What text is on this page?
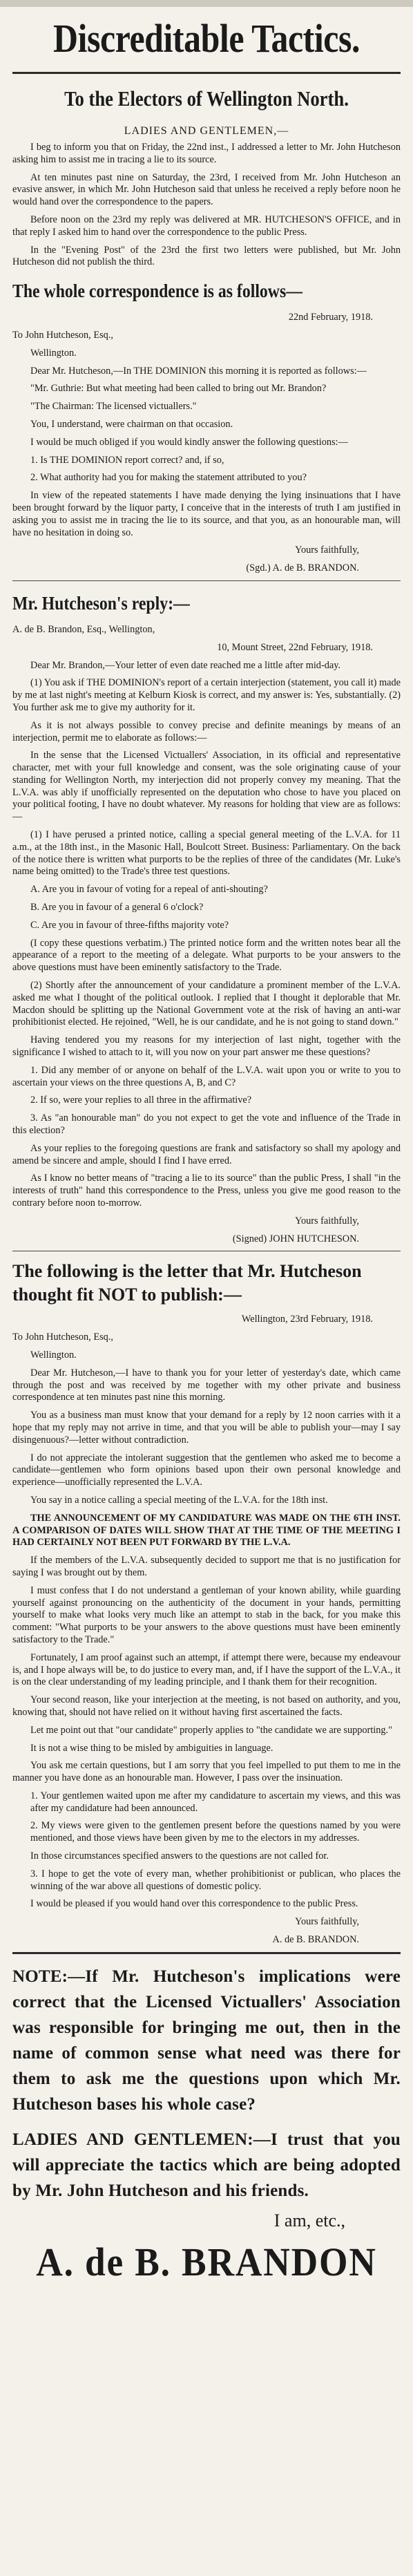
Discreditable Tactics.
To the Electors of Wellington North.
LADIES AND GENTLEMEN,—

I beg to inform you that on Friday, the 22nd inst., I addressed a letter to Mr. John Hutcheson asking him to assist me in tracing a lie to its source.

At ten minutes past nine on Saturday, the 23rd, I received from Mr. John Hutcheson an evasive answer, in which Mr. John Hutcheson said that unless he received a reply before noon he would hand over the correspondence to the papers.

Before noon on the 23rd my reply was delivered at MR. HUTCHESON'S OFFICE, and in that reply I asked him to hand over the correspondence to the public Press.

In the "Evening Post" of the 23rd the first two letters were published, but Mr. John Hutcheson did not publish the third.

The whole correspondence is as follows—

22nd February, 1918.

To John Hutcheson, Esq.,

Wellington.

Dear Mr. Hutcheson,—In THE DOMINION this morning it is reported as follows:—

"Mr. Guthrie: But what meeting had been called to bring out Mr. Brandon?

"The Chairman: The licensed victuallers."

You, I understand, were chairman on that occasion.

I would be much obliged if you would kindly answer the following questions:—

1. Is THE DOMINION report correct? and, if so,

2. What authority had you for making the statement attributed to you?

In view of the repeated statements I have made denying the lying insinuations that I have been brought forward by the liquor party, I conceive that in the interests of truth I am justified in asking you to assist me in tracing the lie to its source, and that you, as an honourable man, will have no hesitation in doing so.

Yours faithfully,

(Sgd.) A. de B. BRANDON.

Mr. Hutcheson's reply:—

A. de B. Brandon, Esq., Wellington,

10, Mount Street, 22nd February, 1918.

Dear Mr. Brandon,—Your letter of even date reached me a little after mid-day.

(1) You ask if THE DOMINION's report of a certain interjection (statement, you call it) made by me at last night's meeting at Kelburn Kiosk is correct, and my answer is: Yes, substantially. (2) You further ask me to give my authority for it.

As it is not always possible to convey precise and definite meanings by means of an interjection, permit me to elaborate as follows:—

In the sense that the Licensed Victuallers' Association, in its official and representative character, met with your full knowledge and consent, was the sole originating cause of your standing for Wellington North, my interjection did not properly convey my meaning. That the L.V.A. was ably if unofficially represented on the deputation who chose to have you placed on your political footing, I have no doubt whatever. My reasons for holding that view are as follows:—

(1) I have perused a printed notice, calling a special general meeting of the L.V.A. for 11 a.m., at the 18th inst., in the Masonic Hall, Boulcott Street. Business: Parliamentary. On the back of the notice there is written what purports to be the replies of three of the candidates (Mr. Luke's name being omitted) to the Trade's three test questions.

A. Are you in favour of voting for a repeal of anti-shouting?

B. Are you in favour of a general 6 o'clock?

C. Are you in favour of three-fifths majority vote?

(I copy these questions verbatim.) The printed notice form and the written notes bear all the appearance of a report to the meeting of a delegate. What purports to be your answers to the above questions must have been eminently satisfactory to the Trade.

(2) Shortly after the announcement of your candidature a prominent member of the L.V.A. asked me what I thought of the political outlook. I replied that I thought it deplorable that Mr. Macdon should be splitting up the National Government vote at the risk of having an anti-war prohibitionist elected. He rejoined, "Well, he is our candidate, and he is not going to stand down."

Having tendered you my reasons for my interjection of last night, together with the significance I wished to attach to it, will you now on your part answer me these questions?

1. Did any member of or anyone on behalf of the L.V.A. wait upon you or write to you to ascertain your views on the three questions A, B, and C?

2. If so, were your replies to all three in the affirmative?

3. As "an honourable man" do you not expect to get the vote and influence of the Trade in this election?

As your replies to the foregoing questions are frank and satisfactory so shall my apology and amend be sincere and ample, should I find I have erred.

As I know no better means of "tracing a lie to its source" than the public Press, I shall "in the interests of truth" hand this correspondence to the Press, unless you give me good reason to the contrary before noon to-morrow.

Yours faithfully,

(Signed) JOHN HUTCHESON.

The following is the letter that Mr. Hutcheson thought fit NOT to publish:—

Wellington, 23rd February, 1918.

To John Hutcheson, Esq.,

Wellington.

Dear Mr. Hutcheson,—I have to thank you for your letter of yesterday's date, which came through the post and was received by me together with my other private and business correspondence at ten minutes past nine this morning.

You as a business man must know that your demand for a reply by 12 noon carries with it a hope that my reply may not arrive in time, and that you will be able to publish your—may I say disingenuous?—letter without contradiction.

I do not appreciate the intolerant suggestion that the gentlemen who asked me to become a candidate—gentlemen who form opinions based upon their own personal knowledge and experience—unofficially represented the L.V.A.

You say in a notice calling a special meeting of the L.V.A. for the 18th inst.

THE ANNOUNCEMENT OF MY CANDIDATURE WAS MADE ON THE 6TH INST. A COMPARISON OF DATES WILL SHOW THAT AT THE TIME OF THE MEETING I HAD CERTAINLY NOT BEEN PUT FORWARD BY THE L.V.A.

If the members of the L.V.A. subsequently decided to support me that is no justification for saying I was brought out by them.

I must confess that I do not understand a gentleman of your known ability, while guarding yourself against pronouncing on the authenticity of the document in your hands, permitting yourself to make what looks very much like an attempt to stab in the back, for you make this comment: "What purports to be your answers to the above questions must have been eminently satisfactory to the Trade."

Fortunately, I am proof against such an attempt, if attempt there were, because my endeavour is, and I hope always will be, to do justice to every man, and, if I have the support of the L.V.A., it is on the clear understanding of my leading principle, and I thank them for their recognition.

Your second reason, like your interjection at the meeting, is not based on authority, and you, knowing that, should not have relied on it without having first ascertained the facts.

Let me point out that "our candidate" properly applies to "the candidate we are supporting."

It is not a wise thing to be misled by ambiguities in language.

You ask me certain questions, but I am sorry that you feel impelled to put them to me in the manner you have done as an honourable man. However, I pass over the insinuation.

1. Your gentlemen waited upon me after my candidature to ascertain my views, and this was after my candidature had been announced.

2. My views were given to the gentlemen present before the questions named by you were mentioned, and those views have been given by me to the electors in my addresses.

In those circumstances specified answers to the questions are not called for.

3. I hope to get the vote of every man, whether prohibitionist or publican, who places the winning of the war above all questions of domestic policy.

I would be pleased if you would hand over this correspondence to the public Press.

Yours faithfully,

A. de B. BRANDON.

NOTE:—If Mr. Hutcheson's implications were correct that the Licensed Victuallers' Association was responsible for bringing me out, then in the name of common sense what need was there for them to ask me the questions upon which Mr. Hutcheson bases his whole case?
LADIES AND GENTLEMEN:—I trust that you will appreciate the tactics which are being adopted by Mr. John Hutcheson and his friends.
I am, etc.,
A. de B. BRANDON
